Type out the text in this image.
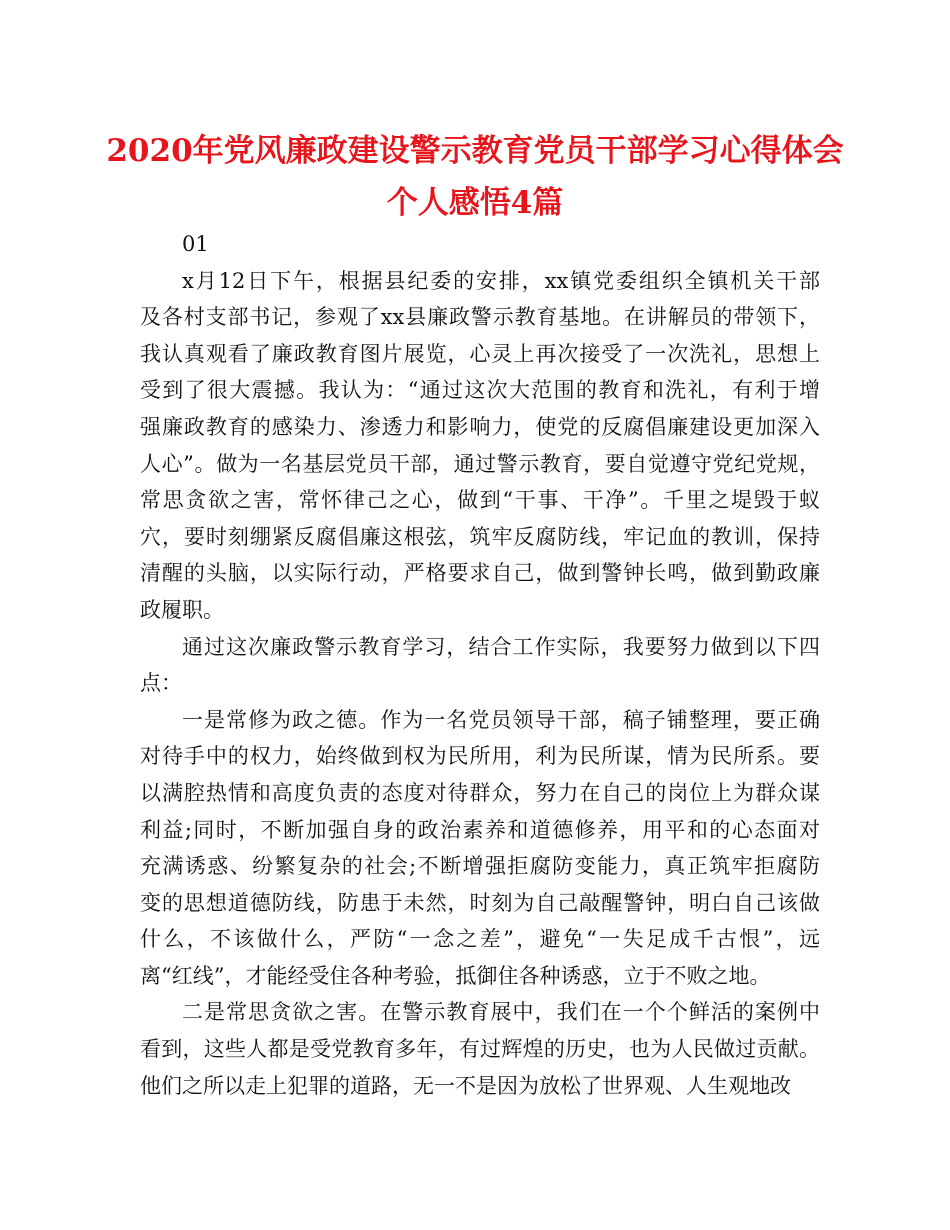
2020年党风廉政建设警示教育党员干部学习心得体会
个人感悟4篇
01
x月12日下午，根据县纪委的安排，xx镇党委组织全镇机关干部
及各村支部书记，参观了xx县廉政警示教育基地。在讲解员的带领下，
我认真观看了廉政教育图片展览，心灵上再次接受了一次洗礼，思想上
受到了很大震撼。我认为：“通过这次大范围的教育和洗礼，有利于增
强廉政教育的感染力、渗透力和影响力，使党的反腐倡廉建设更加深入
人心”。做为一名基层党员干部，通过警示教育，要自觉遵守党纪党规，
常思贪欲之害，常怀律己之心，做到“干事、干净”。千里之堤毁于蚁
穴，要时刻绷紧反腐倡廉这根弦，筑牢反腐防线，牢记血的教训，保持
清醒的头脑，以实际行动，严格要求自己，做到警钟长鸣，做到勤政廉
政履职。
通过这次廉政警示教育学习，结合工作实际，我要努力做到以下四
点：
一是常修为政之德。作为一名党员领导干部，稿子铺整理，要正确
对待手中的权力，始终做到权为民所用，利为民所谋，情为民所系。要
以满腔热情和高度负责的态度对待群众，努力在自己的岗位上为群众谋
利益;同时，不断加强自身的政治素养和道德修养，用平和的心态面对
充满诱惑、纷繁复杂的社会;不断增强拒腐防变能力，真正筑牢拒腐防
变的思想道德防线，防患于未然，时刻为自己敲醒警钟，明白自己该做
什么，不该做什么，严防“一念之差”，避免“一失足成千古恨”，远
离“红线”，才能经受住各种考验，抵御住各种诱惑，立于不败之地。
二是常思贪欲之害。在警示教育展中，我们在一个个鲜活的案例中
看到，这些人都是受党教育多年，有过辉煌的历史，也为人民做过贡献。
他们之所以走上犯罪的道路，无一不是因为放松了世界观、人生观地改
